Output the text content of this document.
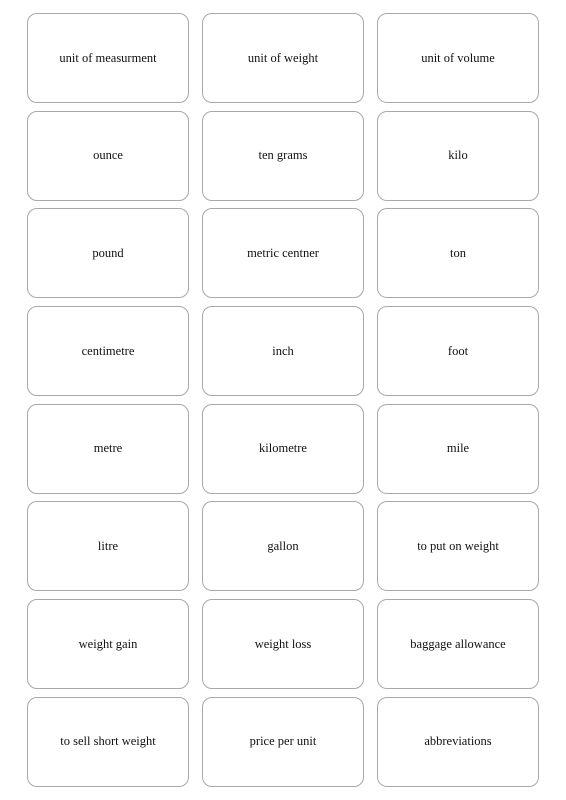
unit of measurment	unit of weight	unit of volume
ounce	ten grams	kilo
pound	metric centner	ton
centimetre	inch	foot
metre	kilometre	mile
litre	gallon	to put on weight
weight gain	weight loss	baggage allowance
to sell short weight	price per unit	abbreviations
